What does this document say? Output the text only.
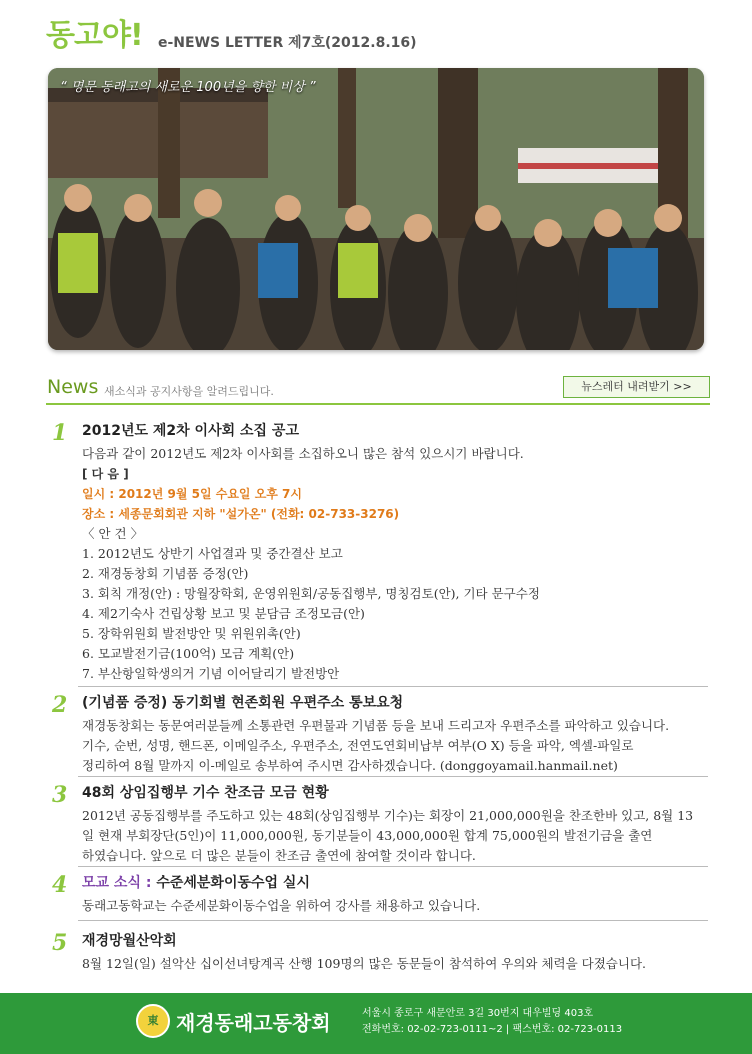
동고야! e-NEWS LETTER 제7호(2012.8.16)
“ 명문 동래고의 새로운 100년을 향한 비상 ”
News 새소식과 공지사항을 알려드립니다.	뉴스레터 내려받기 >>
1 2012년도 제2차 이사회 소집 공고
다음과 같이 2012년도 제2차 이사회를 소집하오니 많은 참석 있으시기 바랍니다.
[ 다 음 ]
일시 : 2012년 9월 5일 수요일 오후 7시
장소 : 세종문회회관 지하 "설가온" (전화: 02-733-3276)
〈 안 건 〉
1. 2012년도 상반기 사업결과 및 중간결산 보고
2. 재경동창회 기념품 증정(안)
3. 회칙 개정(안) : 망월장학회, 운영위원회/공동집행부, 명칭검토(안), 기타 문구수정
4. 제2기숙사 건립상황 보고 및 분담금 조정모금(안)
5. 장학위원회 발전방안 및 위원위촉(안)
6. 모교발전기금(100억) 모금 계획(안)
7. 부산항일학생의거 기념 이어달리기 발전방안
2 (기념품 증정) 동기회별 현존회원 우편주소 통보요청
재경동창회는 동문여러분들께 소통관련 우편물과 기념품 등을 보내 드리고자 우편주소를 파악하고 있습니다.
기수, 순번, 성명, 핸드폰, 이메일주소, 우편주소, 전연도연회비납부 여부(O X) 등을 파악, 엑셀-파일로
정리하여 8월 말까지 이-메일로 송부하여 주시면 감사하겠습니다. (donggoyamail.hanmail.net)
3 48회 상임집행부 기수 찬조금 모금 현황
2012년 공동집행부를 주도하고 있는 48회(상임집행부 기수)는 회장이 21,000,000원을 찬조한바 있고, 8월 13
일 현재 부회장단(5인)이 11,000,000원, 동기분들이 43,000,000원 합계 75,000원의 발전기금을 출연
하였습니다. 앞으로 더 많은 분들이 찬조금 출연에 참여할 것이라 합니다.
4 모교 소식 : 수준세분화이동수업 실시
동래고동학교는 수준세분화이동수업을 위하여 강사를 채용하고 있습니다.
5 재경망월산악회
8월 12일(일) 설악산 십이선녀탕계곡 산행 109명의 많은 동문들이 참석하여 우의와 체력을 다졌습니다.
東 재경동래고동창회	서울시 종로구 새문안로 3길 30번지 대우빌딩 403호
전화번호: 02-02-723-0111~2 | 팩스번호: 02-723-0113
